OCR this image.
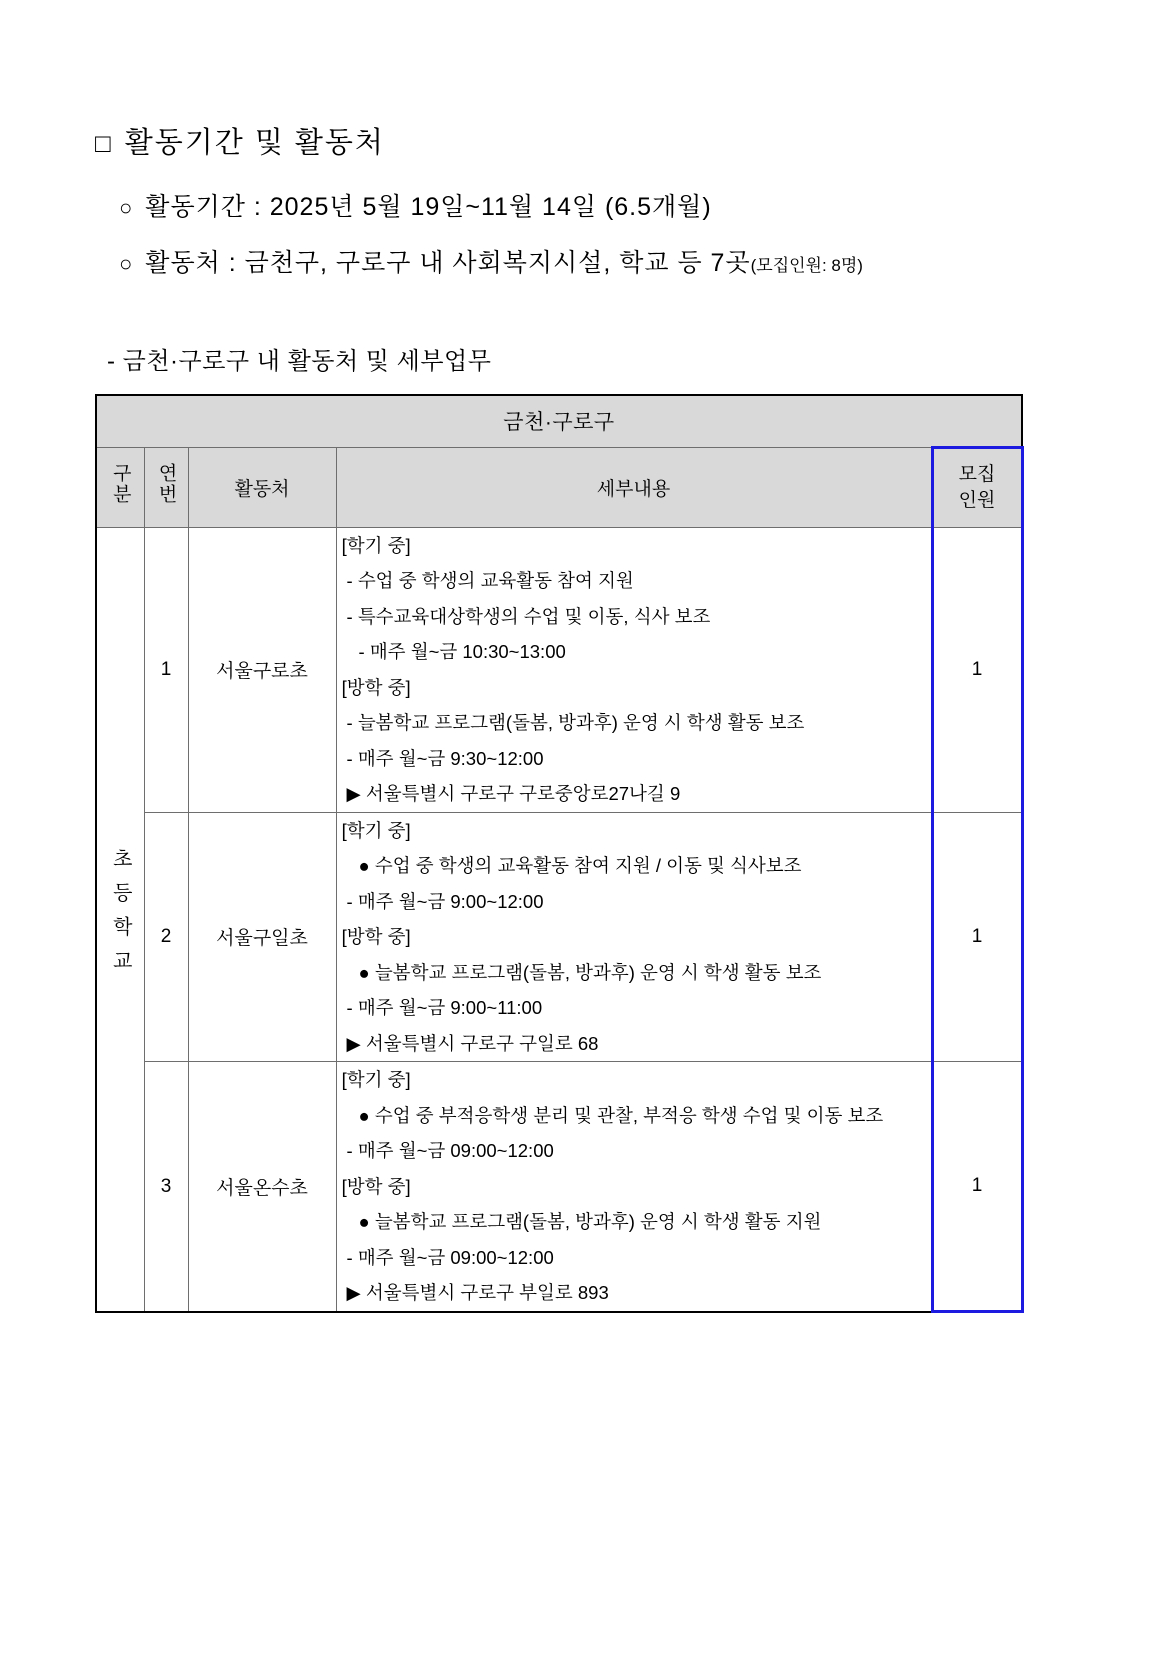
□ 활동기간 및 활동처
○ 활동기간 : 2025년 5월 19일~11월 14일 (6.5개월)
○ 활동처 : 금천구, 구로구 내 사회복지시설, 학교 등 7곳(모집인원: 8명)
- 금천·구로구 내 활동처 및 세부업무
금천·구로구				
구분	연번	활동처	세부내용	모집
인원

초등학교	1	서울구로초	
[학기 중]
- 수업 중 학생의 교육활동 참여 지원
- 특수교육대상학생의 수업 및 이동, 식사 보조
- 매주 월~금 10:30~13:00
[방학 중]
- 늘봄학교 프로그램(돌봄, 방과후) 운영 시 학생 활동 보조
- 매주 월~금 9:30~12:00
▶ 서울특별시 구로구 구로중앙로27나길 9
	1
2	서울구일초	
[학기 중]
● 수업 중 학생의 교육활동 참여 지원 / 이동 및 식사보조
- 매주 월~금 9:00~12:00
[방학 중]
● 늘봄학교 프로그램(돌봄, 방과후) 운영 시 학생 활동 보조
- 매주 월~금 9:00~11:00
▶ 서울특별시 구로구 구일로 68
	1
3	서울온수초	
[학기 중]
● 수업 중 부적응학생 분리 및 관찰, 부적응 학생 수업 및 이동 보조
- 매주 월~금 09:00~12:00
[방학 중]
● 늘봄학교 프로그램(돌봄, 방과후) 운영 시 학생 활동 지원
- 매주 월~금 09:00~12:00
▶ 서울특별시 구로구 부일로 893
	1
